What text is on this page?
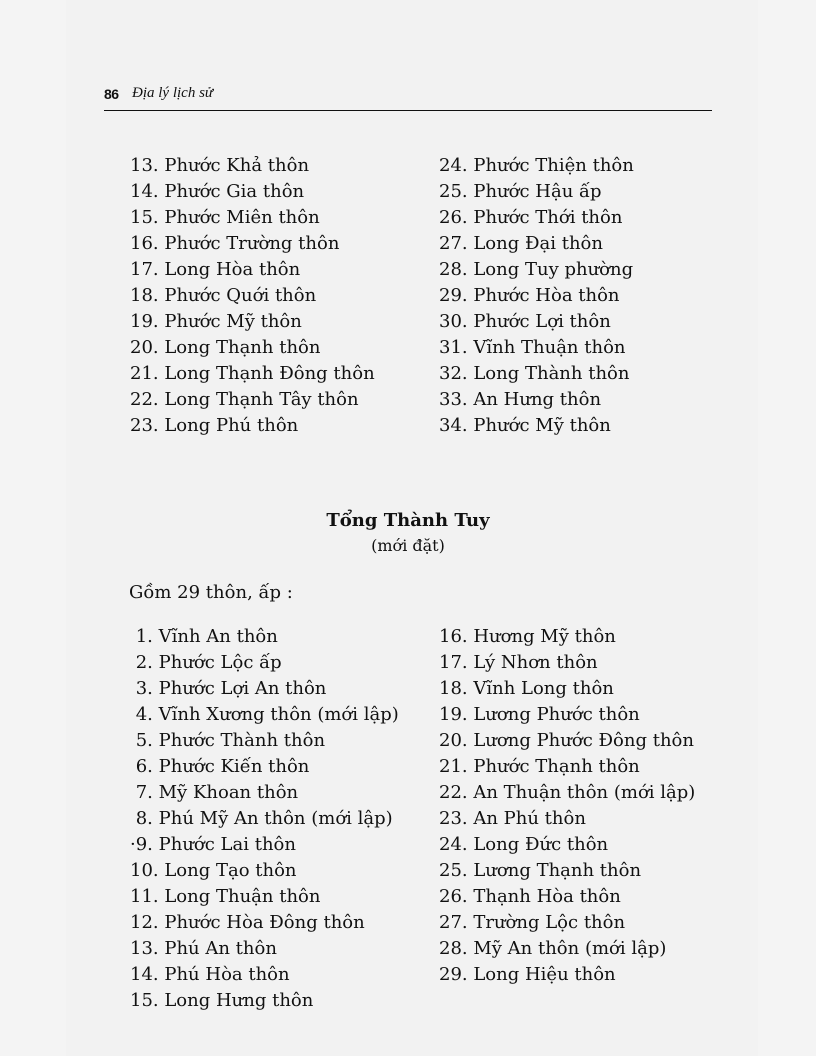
86 Địa lý lịch sử
13. Phước Khả thôn
14. Phước Gia thôn
15. Phước Miên thôn
16. Phước Trường thôn
17. Long Hòa thôn
18. Phước Quới thôn
19. Phước Mỹ thôn
20. Long Thạnh thôn
21. Long Thạnh Đông thôn
22. Long Thạnh Tây thôn
23. Long Phú thôn
24. Phước Thiện thôn
25. Phước Hậu ấp
26. Phước Thới thôn
27. Long Đại thôn
28. Long Tuy phường
29. Phước Hòa thôn
30. Phước Lợi thôn
31. Vĩnh Thuận thôn
32. Long Thành thôn
33. An Hưng thôn
34. Phước Mỹ thôn
Tổng Thành Tuy
(mới đặt)
Gồm 29 thôn, ấp :
1. Vĩnh An thôn
2. Phước Lộc ấp
3. Phước Lợi An thôn
4. Vĩnh Xương thôn (mới lập)
5. Phước Thành thôn
6. Phước Kiến thôn
7. Mỹ Khoan thôn
8. Phú Mỹ An thôn (mới lập)
·9. Phước Lai thôn
10. Long Tạo thôn
11. Long Thuận thôn
12. Phước Hòa Đông thôn
13. Phú An thôn
14. Phú Hòa thôn
15. Long Hưng thôn
16. Hương Mỹ thôn
17. Lý Nhơn thôn
18. Vĩnh Long thôn
19. Lương Phước thôn
20. Lương Phước Đông thôn
21. Phước Thạnh thôn
22. An Thuận thôn (mới lập)
23. An Phú thôn
24. Long Đức thôn
25. Lương Thạnh thôn
26. Thạnh Hòa thôn
27. Trường Lộc thôn
28. Mỹ An thôn (mới lập)
29. Long Hiệu thôn
